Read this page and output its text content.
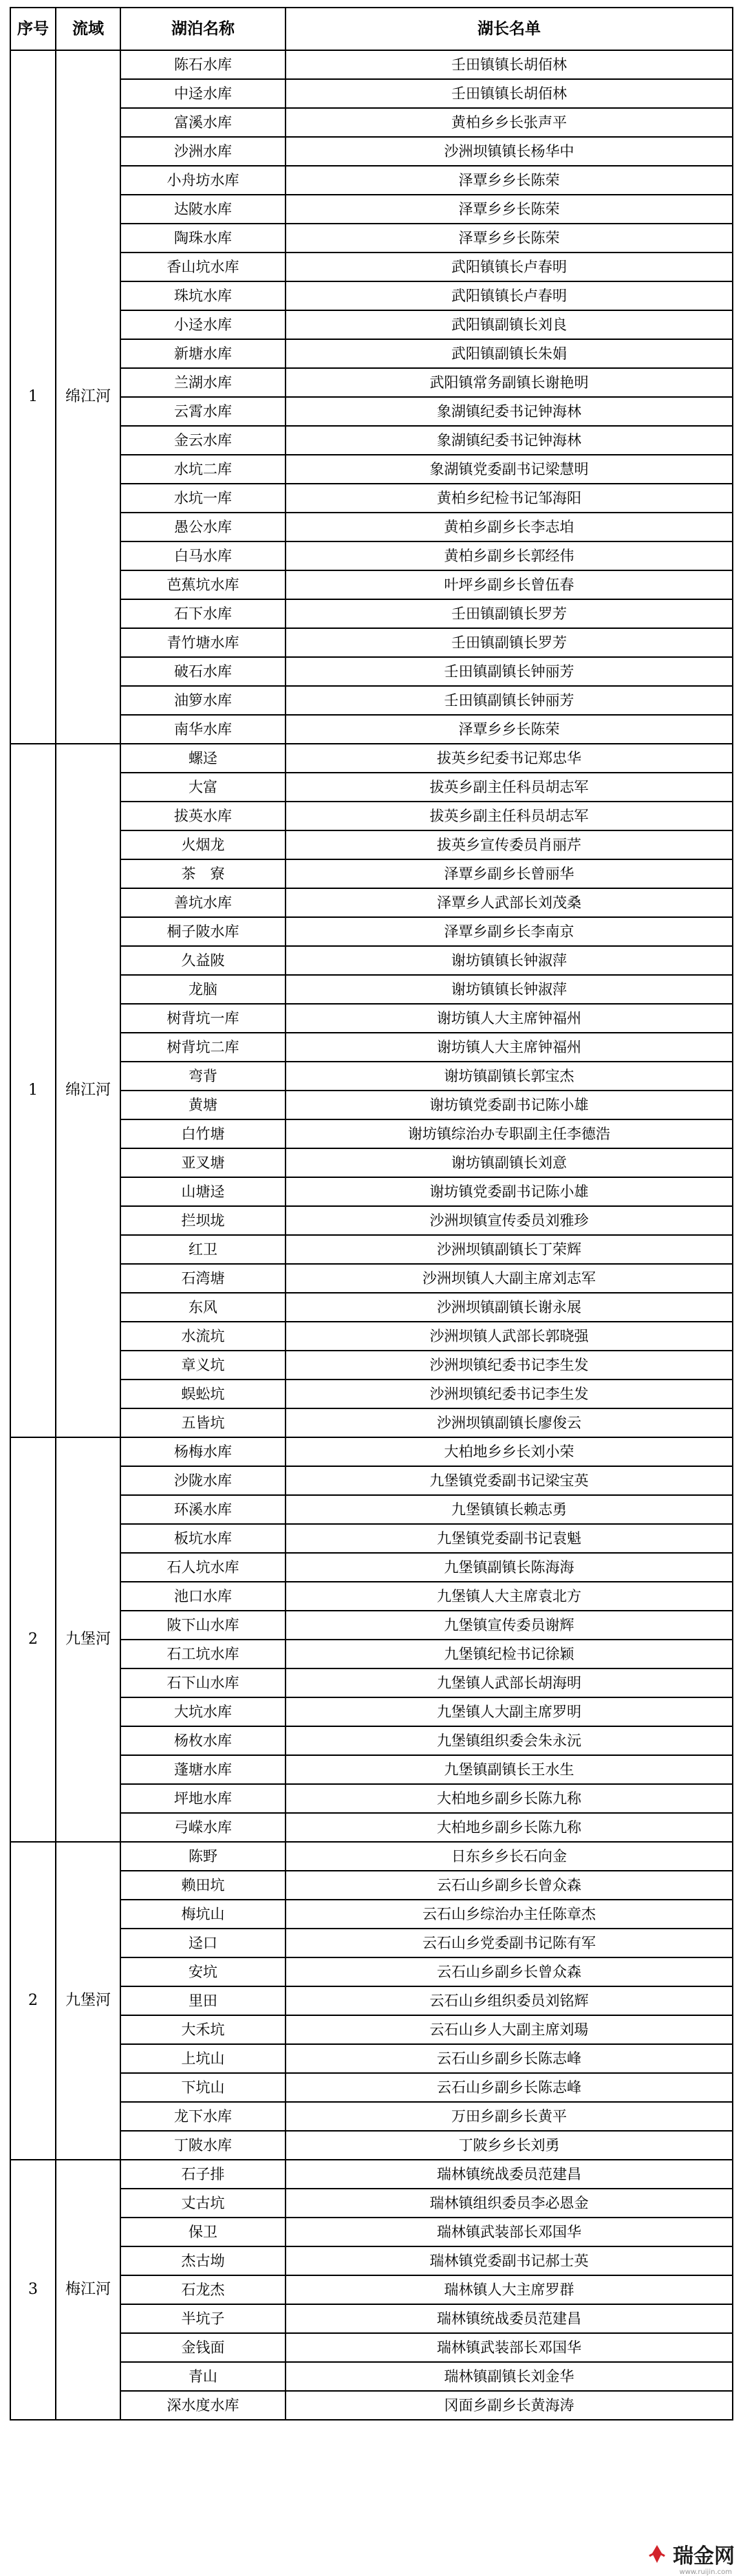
序号	流域	湖泊名称	湖长名单
1	绵江河	陈石水库	壬田镇镇长胡佰林
		中迳水库	壬田镇镇长胡佰林
		富溪水库	黄柏乡乡长张声平
		沙洲水库	沙洲坝镇镇长杨华中
		小舟坊水库	泽覃乡乡长陈荣
		达陂水库	泽覃乡乡长陈荣
		陶珠水库	泽覃乡乡长陈荣
		香山坑水库	武阳镇镇长卢春明
		珠坑水库	武阳镇镇长卢春明
		小迳水库	武阳镇副镇长刘良
		新塘水库	武阳镇副镇长朱娟
		兰湖水库	武阳镇常务副镇长谢艳明
		云霄水库	象湖镇纪委书记钟海林
		金云水库	象湖镇纪委书记钟海林
		水坑二库	象湖镇党委副书记梁慧明
		水坑一库	黄柏乡纪检书记邹海阳
		愚公水库	黄柏乡副乡长李志垍
		白马水库	黄柏乡副乡长郭经伟
		芭蕉坑水库	叶坪乡副乡长曾伍春
		石下水库	壬田镇副镇长罗芳
		青竹塘水库	壬田镇副镇长罗芳
		破石水库	壬田镇副镇长钟丽芳
		油箩水库	壬田镇副镇长钟丽芳
		南华水库	泽覃乡乡长陈荣
1	绵江河	螺迳	拔英乡纪委书记郑忠华
		大富	拔英乡副主任科员胡志军
		拔英水库	拔英乡副主任科员胡志军
		火烟龙	拔英乡宣传委员肖丽芹
		茶　寮	泽覃乡副乡长曾丽华
		善坑水库	泽覃乡人武部长刘茂桑
		桐子陂水库	泽覃乡副乡长李南京
		久益陂	谢坊镇镇长钟淑萍
		龙脑	谢坊镇镇长钟淑萍
		树背坑一库	谢坊镇人大主席钟福州
		树背坑二库	谢坊镇人大主席钟福州
		弯背	谢坊镇副镇长郭宝杰
		黄塘	谢坊镇党委副书记陈小雄
		白竹塘	谢坊镇综治办专职副主任李德浩
		亚叉塘	谢坊镇副镇长刘意
		山塘迳	谢坊镇党委副书记陈小雄
		拦坝垅	沙洲坝镇宣传委员刘雅珍
		红卫	沙洲坝镇副镇长丁荣辉
		石湾塘	沙洲坝镇人大副主席刘志军
		东风	沙洲坝镇副镇长谢永展
		水流坑	沙洲坝镇人武部长郭晓强
		章义坑	沙洲坝镇纪委书记李生发
		蜈蚣坑	沙洲坝镇纪委书记李生发
		五皆坑	沙洲坝镇副镇长廖俊云
2	九堡河	杨梅水库	大柏地乡乡长刘小荣
		沙陇水库	九堡镇党委副书记梁宝英
		环溪水库	九堡镇镇长赖志勇
		板坑水库	九堡镇党委副书记袁魁
		石人坑水库	九堡镇副镇长陈海海
		池口水库	九堡镇人大主席袁北方
		陂下山水库	九堡镇宣传委员谢辉
		石工坑水库	九堡镇纪检书记徐颖
		石下山水库	九堡镇人武部长胡海明
		大坑水库	九堡镇人大副主席罗明
		杨枚水库	九堡镇组织委会朱永沅
		蓬塘水库	九堡镇副镇长王水生
		坪地水库	大柏地乡副乡长陈九称
		弓嵘水库	大柏地乡副乡长陈九称
2	九堡河	陈野	日东乡乡长石向金
		赖田坑	云石山乡副乡长曾众森
		梅坑山	云石山乡综治办主任陈章杰
		迳口	云石山乡党委副书记陈有军
		安坑	云石山乡副乡长曾众森
		里田	云石山乡组织委员刘铭辉
		大禾坑	云石山乡人大副主席刘瑒
		上坑山	云石山乡副乡长陈志峰
		下坑山	云石山乡副乡长陈志峰
		龙下水库	万田乡副乡长黄平
		丁陂水库	丁陂乡乡长刘勇
3	梅江河	石子排	瑞林镇统战委员范建昌
		丈古坑	瑞林镇组织委员李必恩金
		保卫	瑞林镇武装部长邓国华
		杰古坳	瑞林镇党委副书记郝士英
		石龙杰	瑞林镇人大主席罗群
		半坑子	瑞林镇统战委员范建昌
		金钱面	瑞林镇武装部长邓国华
		青山	瑞林镇副镇长刘金华
		深水度水库	冈面乡副乡长黄海涛
瑞金网
www.ruijin.com
